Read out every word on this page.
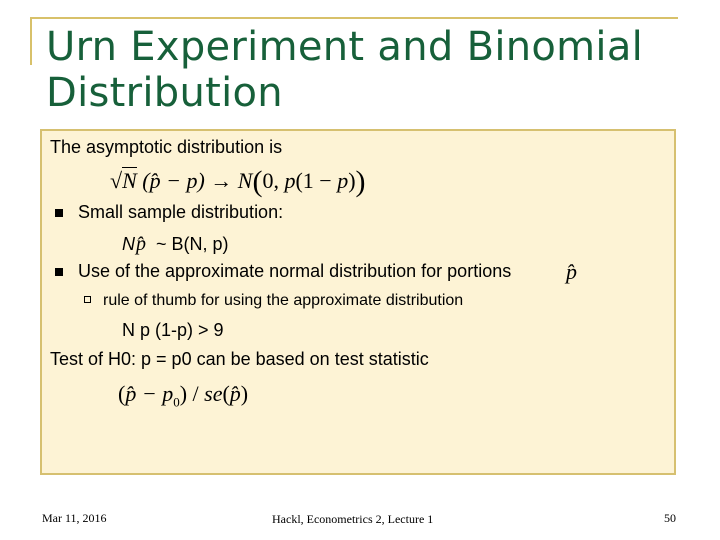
Urn Experiment and Binomial Distribution
The asymptotic distribution is
√N (p̂ − p) → N(0, p(1 − p))
Small sample distribution:
Np̂ ~ B(N, p)
Use of the approximate normal distribution for portions p̂
rule of thumb for using the approximate distribution
N p (1-p) > 9
Test of H0: p = p0 can be based on test statistic
(p̂ − $p_0$) / se(p̂)
Mar 11, 2016	Hackl, Econometrics 2, Lecture 1	50
